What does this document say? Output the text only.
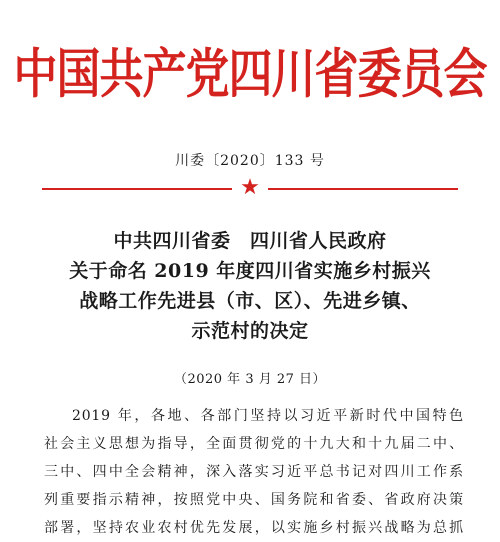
中国共产党四川省委员会
川委〔2020〕133 号
★
中共四川省委　四川省人民政府
关于命名 2019 年度四川省实施乡村振兴
战略工作先进县（市、区）、先进乡镇、
示范村的决定
（2020 年 3 月 27 日）
2019 年，各地、各部门坚持以习近平新时代中国特色
社会主义思想为指导，全面贯彻党的十九大和十九届二中、
三中、四中全会精神，深入落实习近平总书记对四川工作系
列重要指示精神，按照党中央、国务院和省委、省政府决策
部署，坚持农业农村优先发展，以实施乡村振兴战略为总抓
